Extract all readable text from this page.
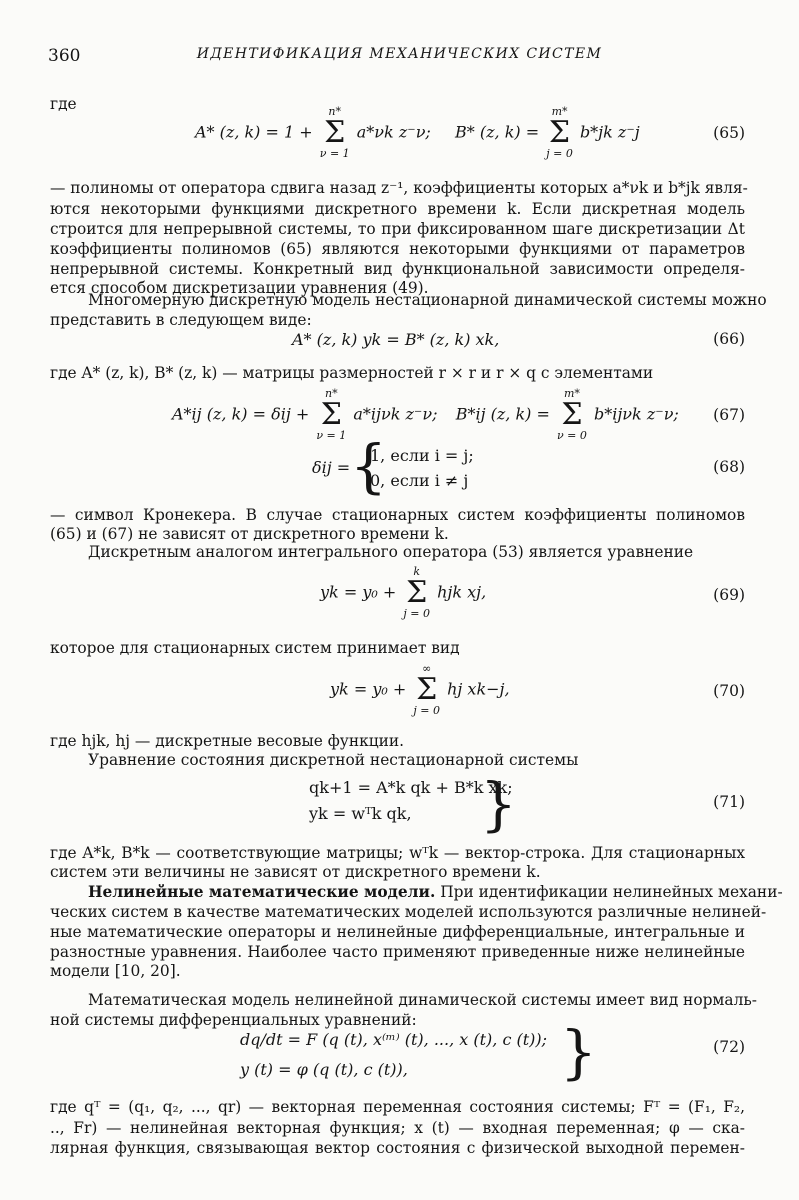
360	ИДЕНТИФИКАЦИЯ МЕХАНИЧЕСКИХ СИСТЕМ
где
A* (z, k) = 1 +
n*
Σ
ν = 1
a*νk z⁻ν; B* (z, k) =
m*
Σ
j = 0
b*jk z⁻j	(65)
— полиномы от оператора сдвига назад z⁻¹, коэффициенты которых a*νk и b*jk явля-
ются некоторыми функциями дискретного времени k. Если дискретная модель
строится для непрерывной системы, то при фиксированном шаге дискретизации Δt
коэффициенты полиномов (65) являются некоторыми функциями от параметров
непрерывной системы. Конкретный вид функциональной зависимости определя-
ется способом дискретизации уравнения (49).
Многомерную дискретную модель нестационарной динамической системы можно
представить в следующем виде:
A* (z, k) yk = B* (z, k) xk,	(66)
где A* (z, k), B* (z, k) — матрицы размерностей r × r и r × q с элементами
A*ij (z, k) = δij +
n*
Σ
ν = 1
a*ijνk z⁻ν; B*ij (z, k) =
m*
Σ
ν = 0
b*ijνk z⁻ν; (67)
δij = {
1, если i = j;
0, если i ≠ j
(68)
— символ Кронекера. В случае стационарных систем коэффициенты полиномов
(65) и (67) не зависят от дискретного времени k.
Дискретным аналогом интегрального оператора (53) является уравнение
yk = y₀ +
k
Σ
j = 0
hjk xj,	(69)
которое для стационарных систем принимает вид
yk = y₀ +
∞
Σ
j = 0
hj xk−j,	(70)
где hjk, hj — дискретные весовые функции.
Уравнение состояния дискретной нестационарной системы
qk+1 = A*k qk + B*k x̃k;
yk = wᵀk qk, }	(71)
где A*k, B*k — соответствующие матрицы; wᵀk — вектор-строка. Для стационарных
систем эти величины не зависят от дискретного времени k.
Нелинейные математические модели. При идентификации нелинейных механи-
ческих систем в качестве математических моделей используются различные нелиней-
ные математические операторы и нелинейные дифференциальные, интегральные и
разностные уравнения. Наиболее часто применяют приведенные ниже нелинейные
модели [10, 20].
Математическая модель нелинейной динамической системы имеет вид нормаль-
ной системы дифференциальных уравнений:
dq/dt = F (q (t), x⁽ᵐ⁾ (t), ..., x (t), c (t));
y (t) = φ (q (t), c (t)),	}	(72)
где qᵀ = (q₁, q₂, ..., qr) — векторная переменная состояния системы; Fᵀ = (F₁, F₂,
.., Fr) — нелинейная векторная функция; x (t) — входная переменная; φ — ска-
лярная функция, связывающая вектор состояния с физической выходной перемен-
